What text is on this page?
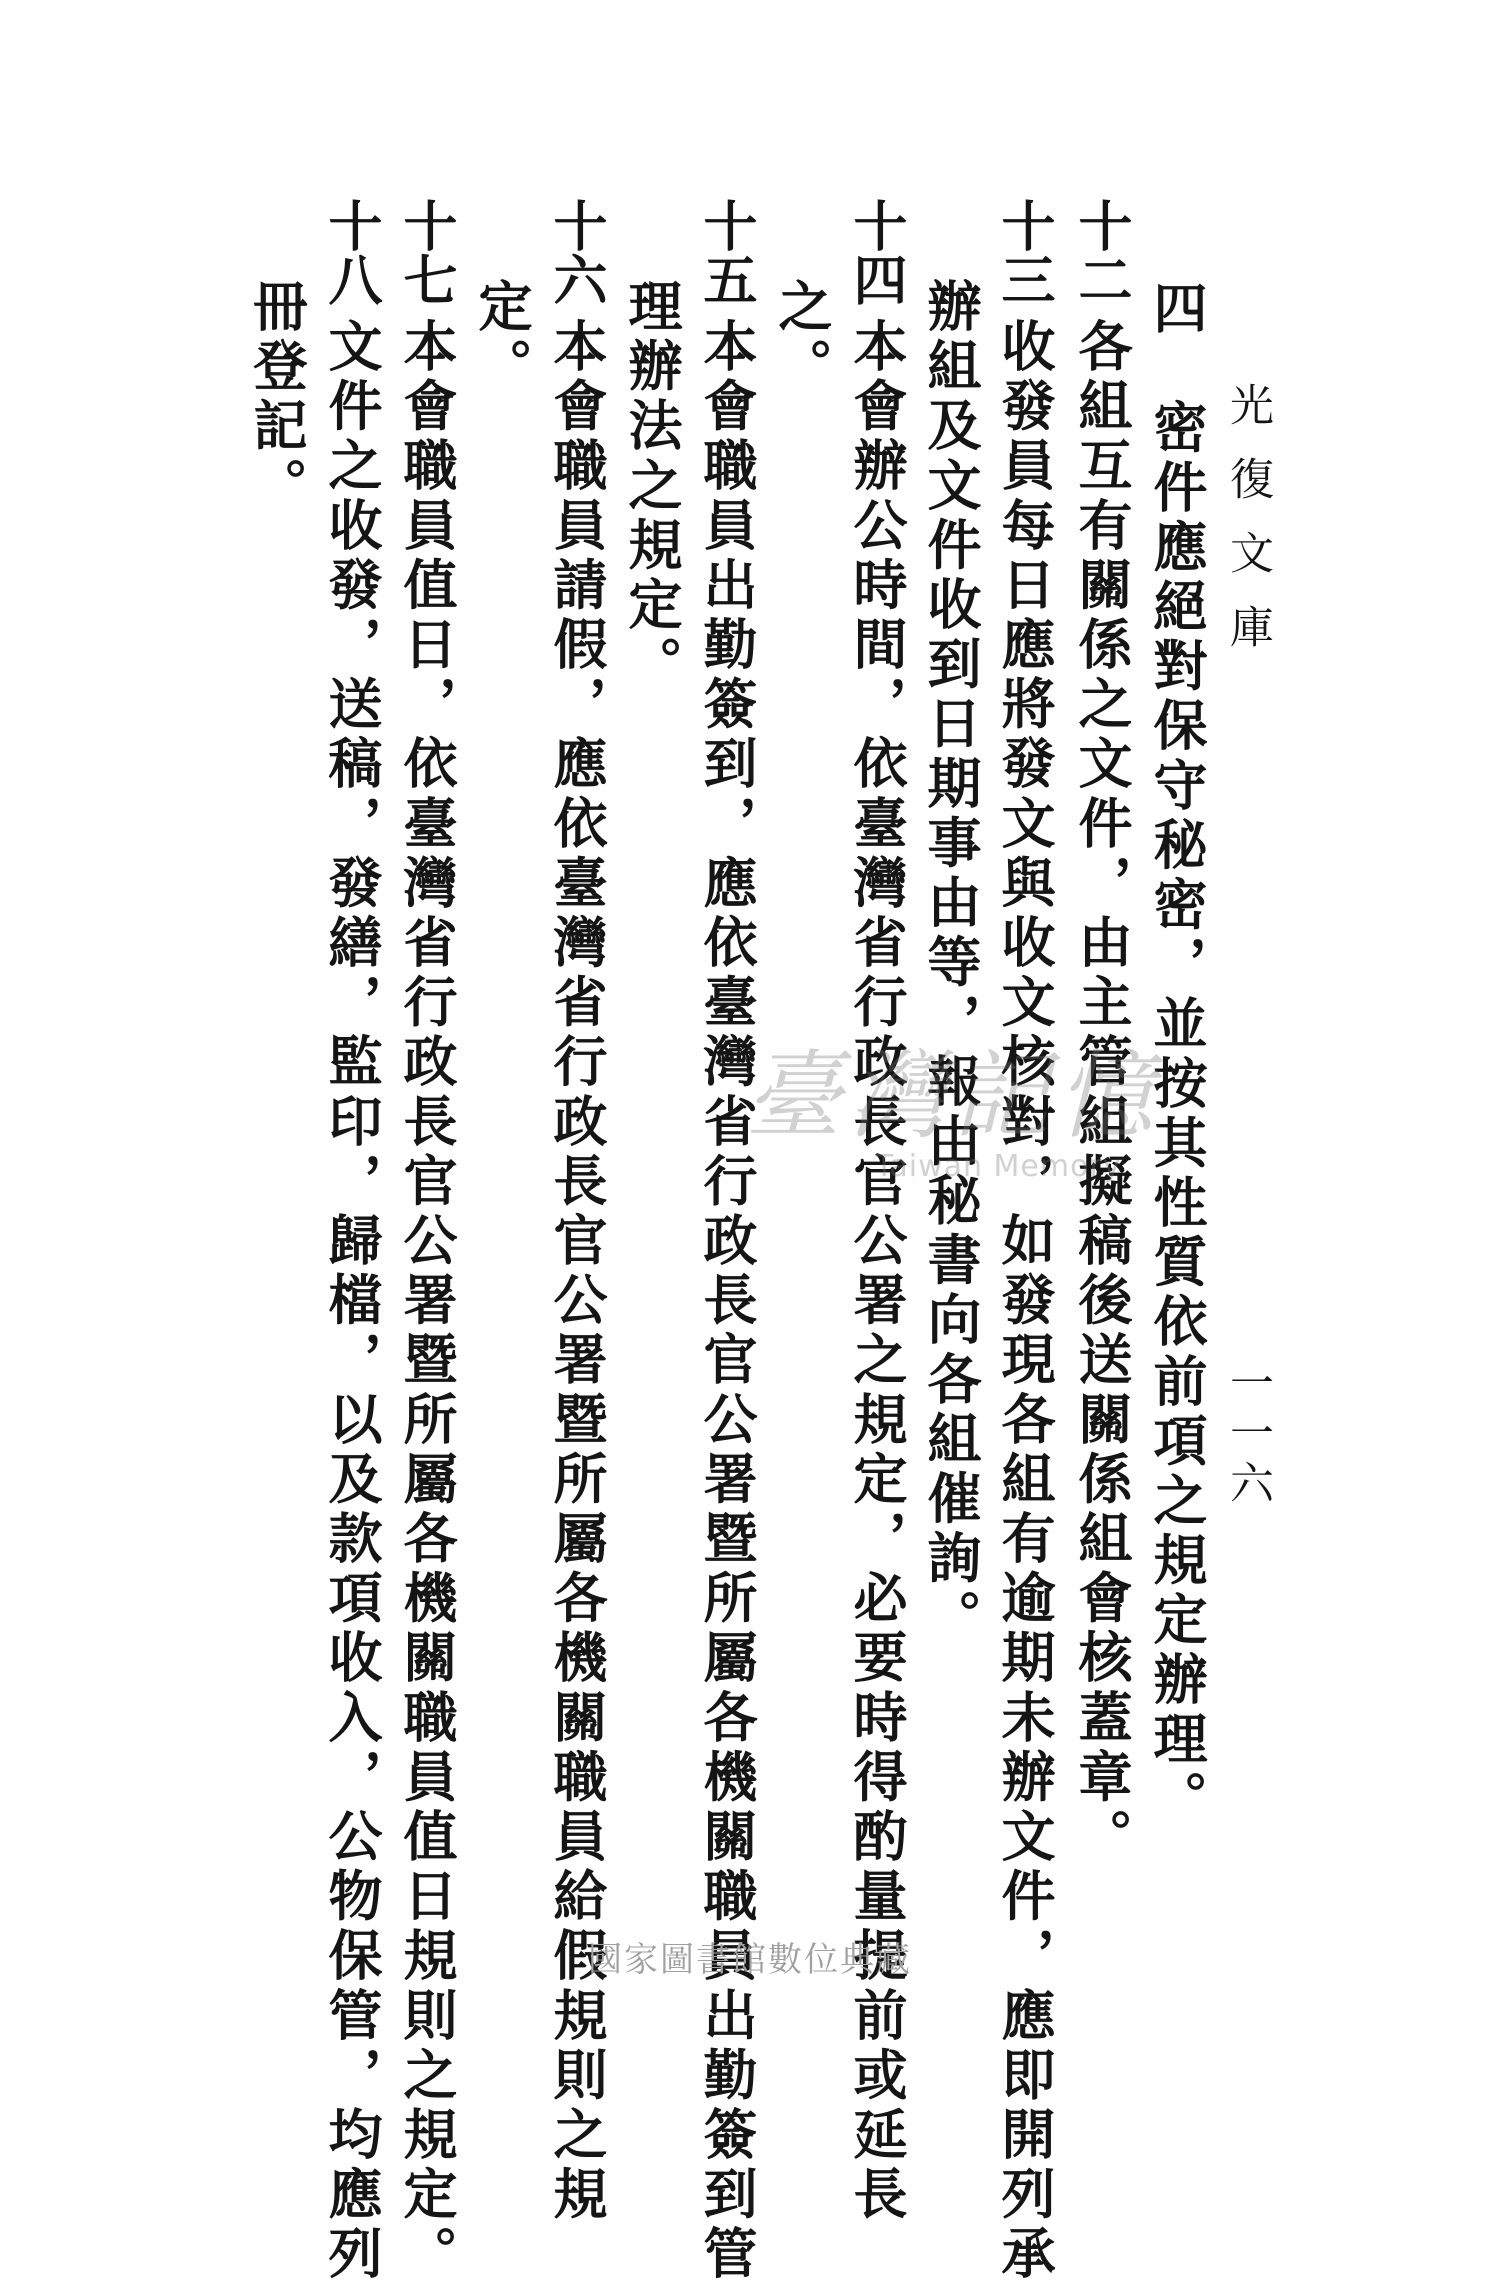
光復文庫
一一六
四　密件應絕對保守秘密，並按其性質依前項之規定辦理。
十二
各組互有關係之文件，由主管組擬稿後送關係組會核蓋章。
十三
收發員每日應將發文與收文核對，如發現各組有逾期未辦文件，應即開列承
辦組及文件收到日期事由等，報由秘書向各組催詢。
十四
本會辦公時間，依臺灣省行政長官公署之規定，必要時得酌量提前或延長
之。
十五
本會職員出勤簽到，應依臺灣省行政長官公署暨所屬各機關職員出勤簽到管
理辦法之規定。
十六
本會職員請假，應依臺灣省行政長官公署暨所屬各機關職員給假規則之規
定。
十七
本會職員值日，依臺灣省行政長官公署暨所屬各機關職員值日規則之規定。
十八
文件之收發，送稿，發繕，監印，歸檔，以及款項收入，公物保管，均應列
冊登記。
臺灣記憶
Taiwan Memory
國家圖書館數位典藏
